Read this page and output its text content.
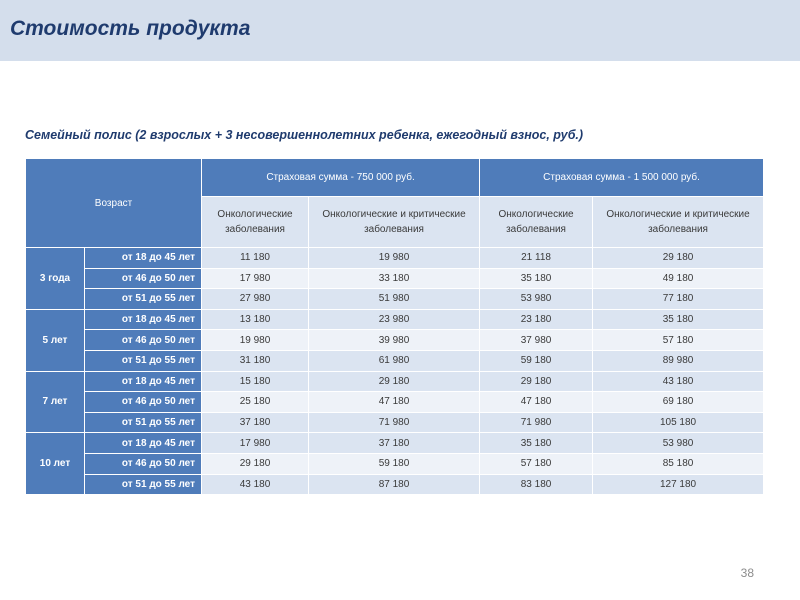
Стоимость продукта
Семейный полис (2 взрослых + 3 несовершеннолетних ребенка, ежегодный взнос, руб.)
Возраст		Страховая сумма - 750 000 руб.		Страховая сумма - 1 500 000 руб.	
		Онкологические заболевания	Онкологические и критические заболевания	Онкологические заболевания	Онкологические и критические заболевания
3 года	от 18 до 45 лет	11 180	19 980	21 118	29 180
	от 46 до 50 лет	17 980	33 180	35 180	49 180
	от 51 до 55 лет	27 980	51 980	53 980	77 180
5 лет	от 18 до 45 лет	13 180	23 980	23 180	35 180
	от 46 до 50 лет	19 980	39 980	37 980	57 180
	от 51 до 55 лет	31 180	61 980	59 180	89 980
7 лет	от 18 до 45 лет	15 180	29 180	29 180	43 180
	от 46 до 50 лет	25 180	47 180	47 180	69 180
	от 51 до 55 лет	37 180	71 980	71 980	105 180
10 лет	от 18 до 45 лет	17 980	37 180	35 180	53 980
	от 46 до 50 лет	29 180	59 180	57 180	85 180
	от 51 до 55 лет	43 180	87 180	83 180	127 180
38
